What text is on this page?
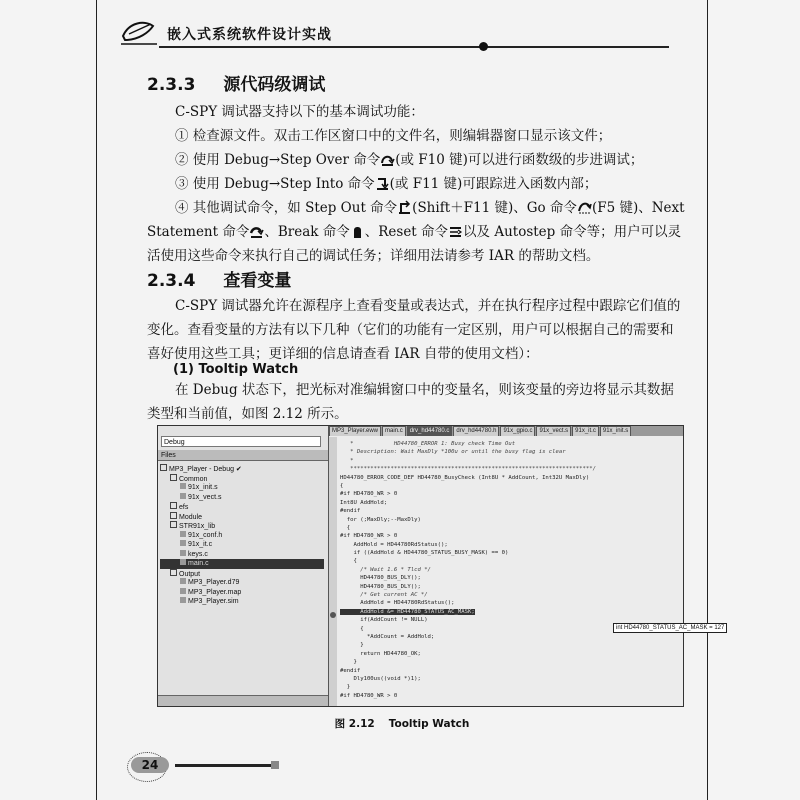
嵌入式系统软件设计实战
2.3.3 源代码级调试

C-SPY 调试器支持以下的基本调试功能：

① 检查源文件。双击工作区窗口中的文件名，则编辑器窗口显示该文件；

② 使用 Debug→Step Over 命令 (或 F10 键)可以进行函数级的步进调试；

③ 使用 Debug→Step Into 命令 (或 F11 键)可跟踪进入函数内部；

④ 其他调试命令，如 Step Out 命令 (Shift＋F11 键)、Go 命令 (F5 键)、Next Statement 命令 、Break 命令 、Reset 命令 以及 Autostep 命令等；用户可以灵活使用这些命令来执行自己的调试任务；详细用法请参考 IAR 的帮助文档。

2.3.4 查看变量

C-SPY 调试器允许在源程序上查看变量或表达式，并在执行程序过程中跟踪它们值的变化。查看变量的方法有以下几种（它们的功能有一定区别，用户可以根据自己的需要和喜好使用这些工具；更详细的信息请查看 IAR 自带的使用文档）：

(1) Tooltip Watch

在 Debug 状态下，把光标对准编辑窗口中的变量名，则该变量的旁边将显示其数据类型和当前值，如图 2.12 所示。

Debug
Files
MP3_Player - Debug ✔
Common
91x_init.s
91x_vect.s
efs
Module
STR91x_lib
91x_conf.h
91x_it.c
keys.c
main.c
Output
MP3_Player.d79
MP3_Player.map
MP3_Player.sim
MP3_Player.eww main.c drv_hd44780.c drv_hd44780.h 91x_gpio.c 91x_vect.s 91x_it.c 91x_init.s
*            HD44780_ERROR 1: Busy check Time Out
* Description: Wait MaxDly *100u or until the busy flag is clear
*
************************************************************************/
HD44780_ERROR_CODE_DEF HD44780_BusyCheck (Int8U * AddCount, Int32U MaxDly)
{
#if HD4780_WR > 0
Int8U AddHold;
#endif
for (;MaxDly;--MaxDly)
{
#if HD4780_WR > 0
AddHold = HD44780RdStatus();
if ((AddHold & HD44780_STATUS_BUSY_MASK) == 0)
{
/* Wait 1.6 * Tlcd */
HD44780_BUS_DLY();
HD44780_BUS_DLY();
/* Get current AC */
AddHold = HD44780RdStatus();
AddHold &= HD44780_STATUS_AC_MASK;
if(AddCount != NULL)
{
*AddCount = AddHold;
}
return HD44780_OK;
}
#endif
Dly100us((void *)1);
}
#if HD4780_WR > 0
int HD44780_STATUS_AC_MASK = 127
图 2.12 Tooltip Watch
24
